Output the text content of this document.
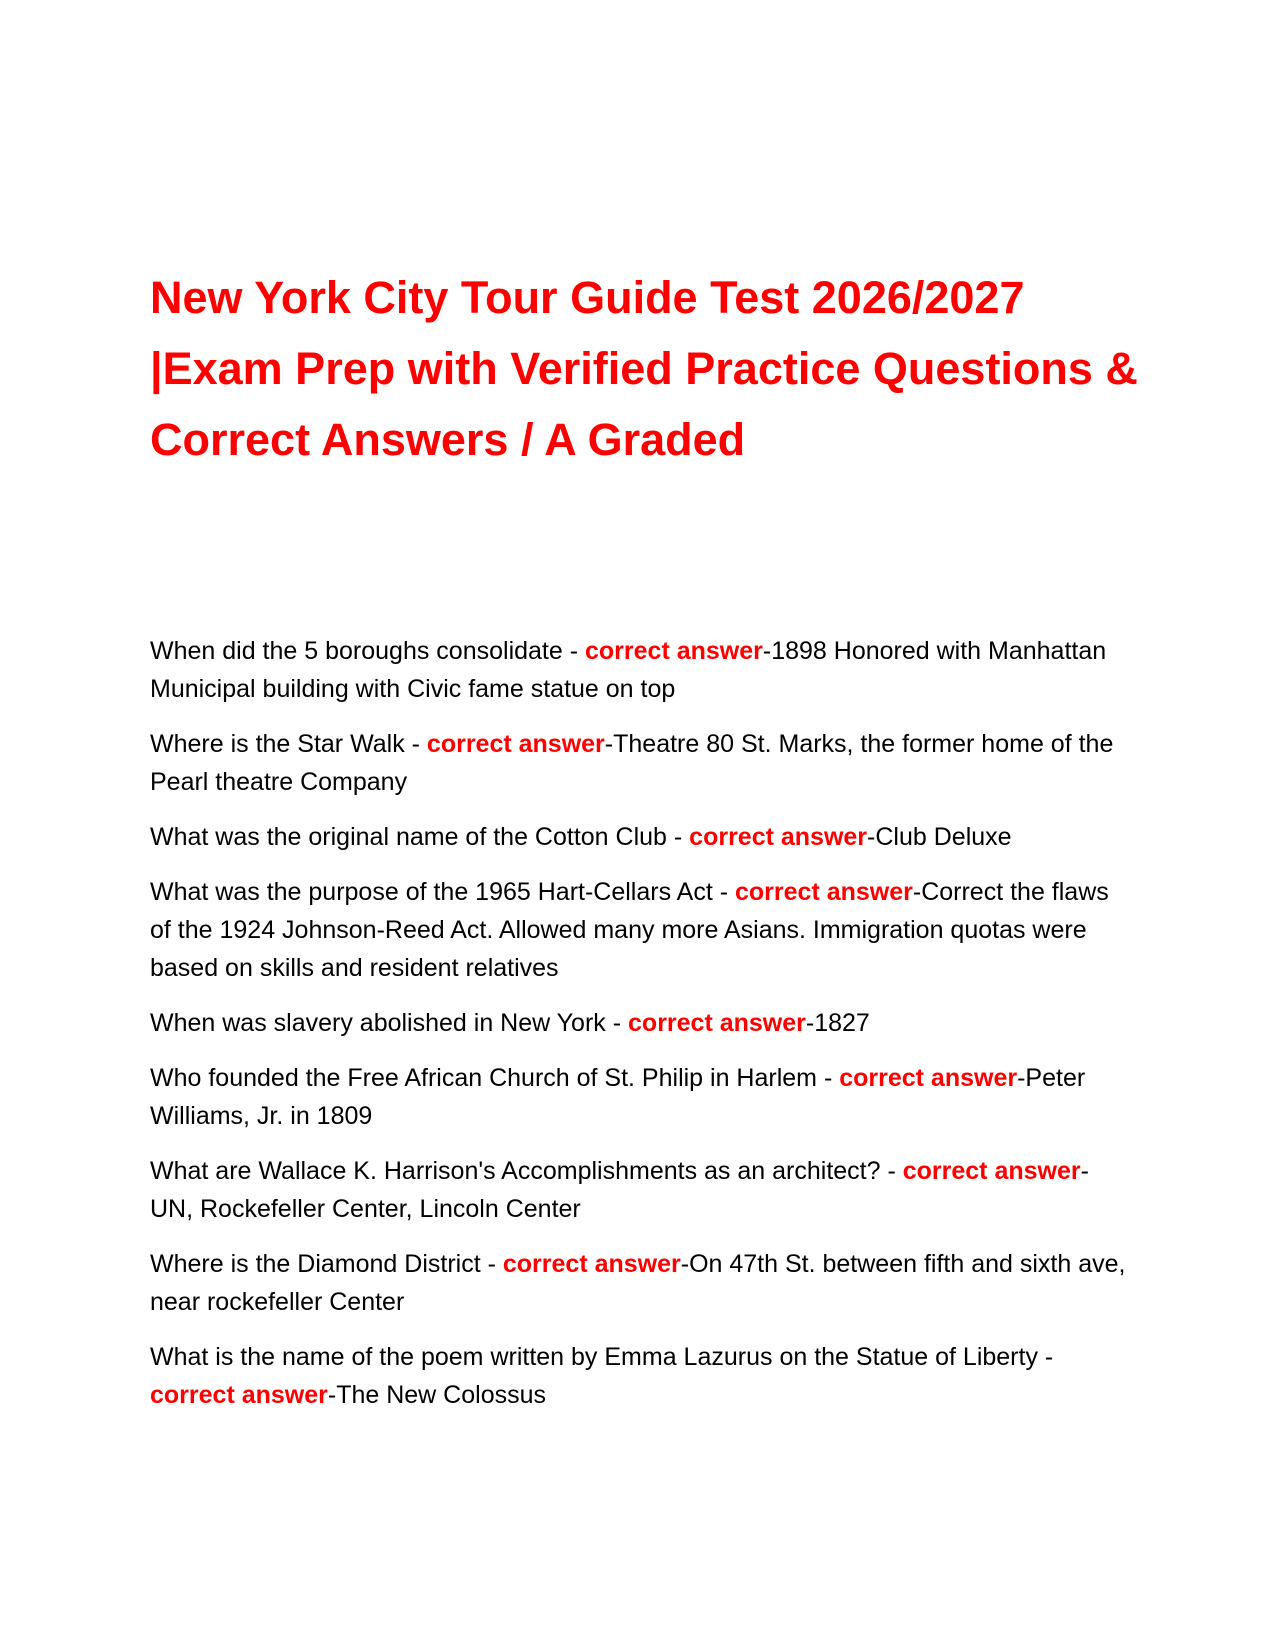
New York City Tour Guide Test 2026/2027 |Exam Prep with Verified Practice Questions & Correct Answers / A Graded
When did the 5 boroughs consolidate - correct answer-1898 Honored with Manhattan Municipal building with Civic fame statue on top
Where is the Star Walk - correct answer-Theatre 80 St. Marks, the former home of the Pearl theatre Company
What was the original name of the Cotton Club - correct answer-Club Deluxe
What was the purpose of the 1965 Hart-Cellars Act - correct answer-Correct the flaws of the 1924 Johnson-Reed Act. Allowed many more Asians. Immigration quotas were based on skills and resident relatives
When was slavery abolished in New York - correct answer-1827
Who founded the Free African Church of St. Philip in Harlem - correct answer-Peter Williams, Jr. in 1809
What are Wallace K. Harrison's Accomplishments as an architect? - correct answer-UN, Rockefeller Center, Lincoln Center
Where is the Diamond District - correct answer-On 47th St. between fifth and sixth ave, near rockefeller Center
What is the name of the poem written by Emma Lazurus on the Statue of Liberty - correct answer-The New Colossus
